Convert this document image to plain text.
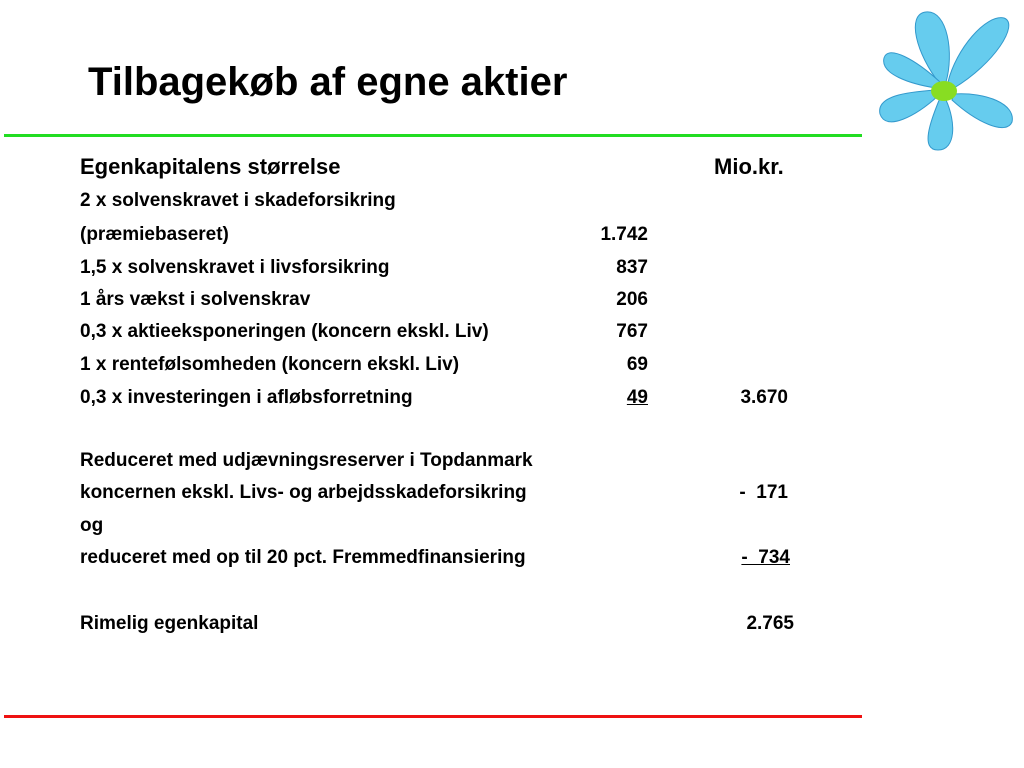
Tilbagekøb af egne aktier
Egenkapitalens størrelse	Mio.kr.
2 x solvenskravet i skadeforsikring
(præmiebaseret)	1.742
1,5 x solvenskravet i livsforsikring	837
1 års vækst i solvenskrav	206
0,3 x aktieeksponeringen (koncern ekskl. Liv)	767
1 x rentefølsomheden (koncern ekskl. Liv)	69
0,3 x investeringen i afløbsforretning	49	3.670
Reduceret med udjævningsreserver i Topdanmark
koncernen ekskl. Livs- og arbejdsskadeforsikring	-  171
og
reduceret med op til 20 pct. Fremmedfinansiering	-  734
Rimelig egenkapital	2.765
